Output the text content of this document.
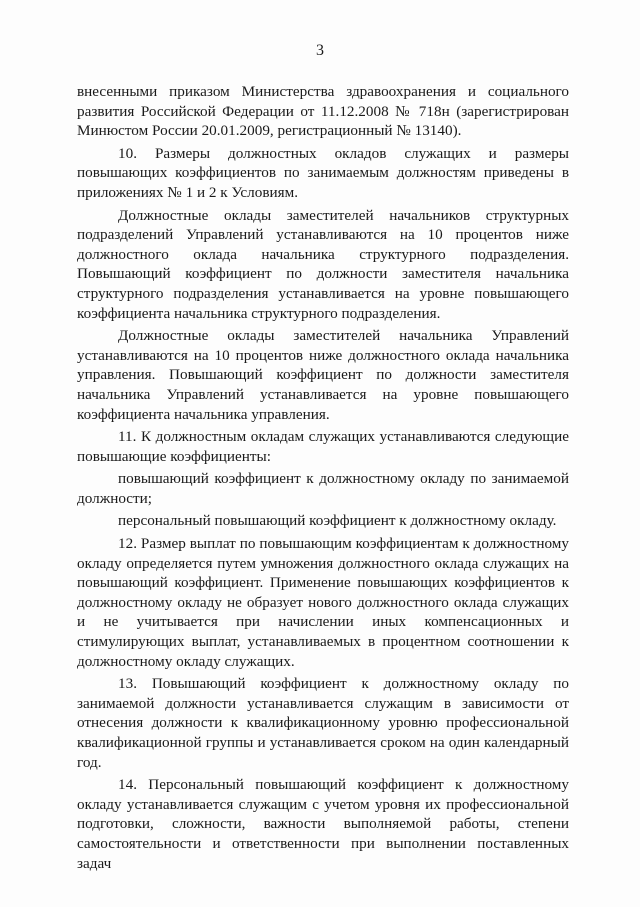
3

внесенными приказом Министерства здравоохранения и социального развития Российской Федерации от 11.12.2008 № 718н (зарегистрирован Минюстом России 20.01.2009, регистрационный № 13140).

10. Размеры должностных окладов служащих и размеры повышающих коэффициентов по занимаемым должностям приведены в приложениях № 1 и 2 к Условиям.

Должностные оклады заместителей начальников структурных подразделений Управлений устанавливаются на 10 процентов ниже должностного оклада начальника структурного подразделения. Повышающий коэффициент по должности заместителя начальника структурного подразделения устанавливается на уровне повышающего коэффициента начальника структурного подразделения.

Должностные оклады заместителей начальника Управлений устанавливаются на 10 процентов ниже должностного оклада начальника управления. Повышающий коэффициент по должности заместителя начальника Управлений устанавливается на уровне повышающего коэффициента начальника управления.

11. К должностным окладам служащих устанавливаются следующие повышающие коэффициенты:

повышающий коэффициент к должностному окладу по занимаемой должности;

персональный повышающий коэффициент к должностному окладу.

12. Размер выплат по повышающим коэффициентам к должностному окладу определяется путем умножения должностного оклада служащих на повышающий коэффициент. Применение повышающих коэффициентов к должностному окладу не образует нового должностного оклада служащих и не учитывается при начислении иных компенсационных и стимулирующих выплат, устанавливаемых в процентном соотношении к должностному окладу служащих.

13. Повышающий коэффициент к должностному окладу по занимаемой должности устанавливается служащим в зависимости от отнесения должности к квалификационному уровню профессиональной квалификационной группы и устанавливается сроком на один календарный год.

14. Персональный повышающий коэффициент к должностному окладу устанавливается служащим с учетом уровня их профессиональной подготовки, сложности, важности выполняемой работы, степени самостоятельности и ответственности при выполнении поставленных задач
